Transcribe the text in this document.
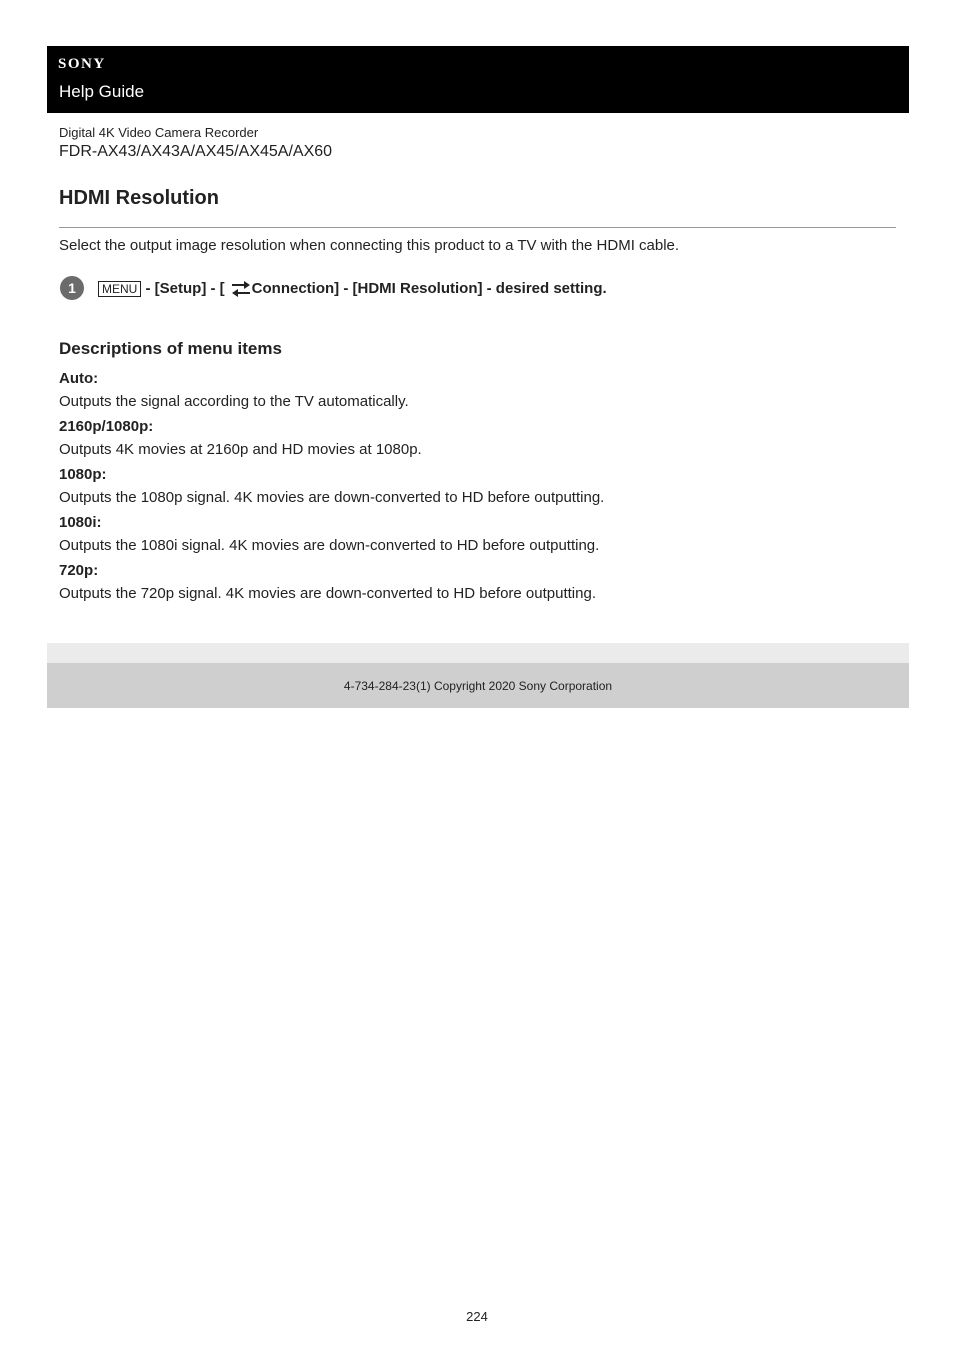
SONY
Help Guide
Digital 4K Video Camera Recorder
FDR-AX43/AX43A/AX45/AX45A/AX60
HDMI Resolution
Select the output image resolution when connecting this product to a TV with the HDMI cable.
1	MENU - [Setup] - [ Connection] - [HDMI Resolution] - desired setting.
Descriptions of menu items
Auto:
Outputs the signal according to the TV automatically.
2160p/1080p:
Outputs 4K movies at 2160p and HD movies at 1080p.
1080p:
Outputs the 1080p signal. 4K movies are down-converted to HD before outputting.
1080i:
Outputs the 1080i signal. 4K movies are down-converted to HD before outputting.
720p:
Outputs the 720p signal. 4K movies are down-converted to HD before outputting.
4-734-284-23(1) Copyright 2020 Sony Corporation
224
